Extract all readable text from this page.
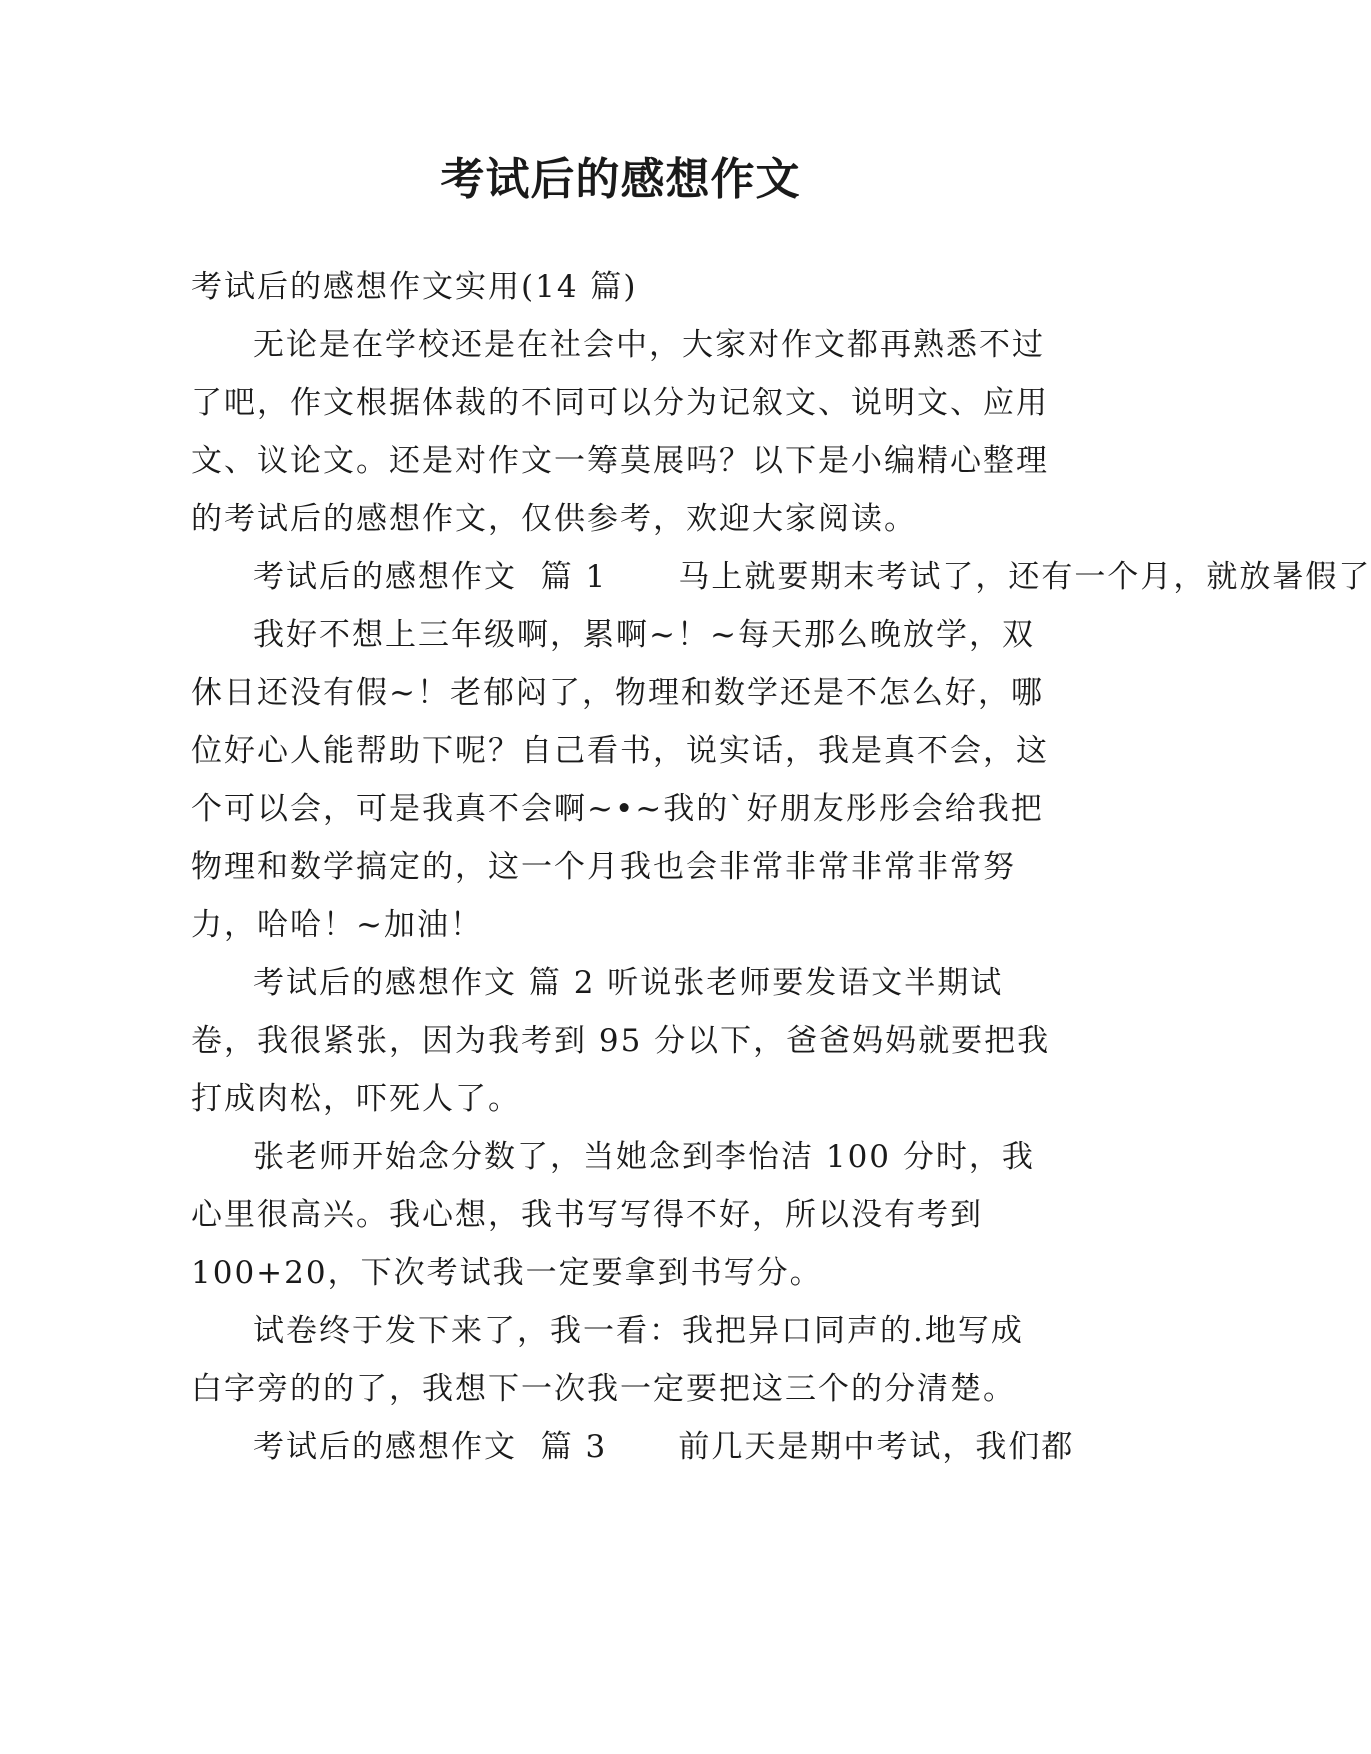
考试后的感想作文

考试后的感想作文实用(14 篇)

无论是在学校还是在社会中，大家对作文都再熟悉不过了吧，作文根据体裁的不同可以分为记叙文、说明文、应用文、议论文。还是对作文一筹莫展吗？以下是小编精心整理的考试后的感想作文，仅供参考，欢迎大家阅读。

考试后的感想作文  篇 1      马上就要期末考试了，还有一个月，就放暑假了

我好不想上三年级啊，累啊~！~每天那么晚放学，双休日还没有假~！老郁闷了，物理和数学还是不怎么好，哪位好心人能帮助下呢？自己看书，说实话，我是真不会，这个可以会，可是我真不会啊~•~我的`好朋友彤彤会给我把物理和数学搞定的，这一个月我也会非常非常非常非常努力，哈哈！~加油！

考试后的感想作文 篇 2 听说张老师要发语文半期试卷，我很紧张，因为我考到 95 分以下，爸爸妈妈就要把我打成肉松，吓死人了。

张老师开始念分数了，当她念到李怡洁 100 分时，我心里很高兴。我心想，我书写写得不好，所以没有考到100+20，下次考试我一定要拿到书写分。

试卷终于发下来了，我一看：我把异口同声的.地写成白字旁的的了，我想下一次我一定要把这三个的分清楚。

考试后的感想作文  篇 3      前几天是期中考试，我们都
